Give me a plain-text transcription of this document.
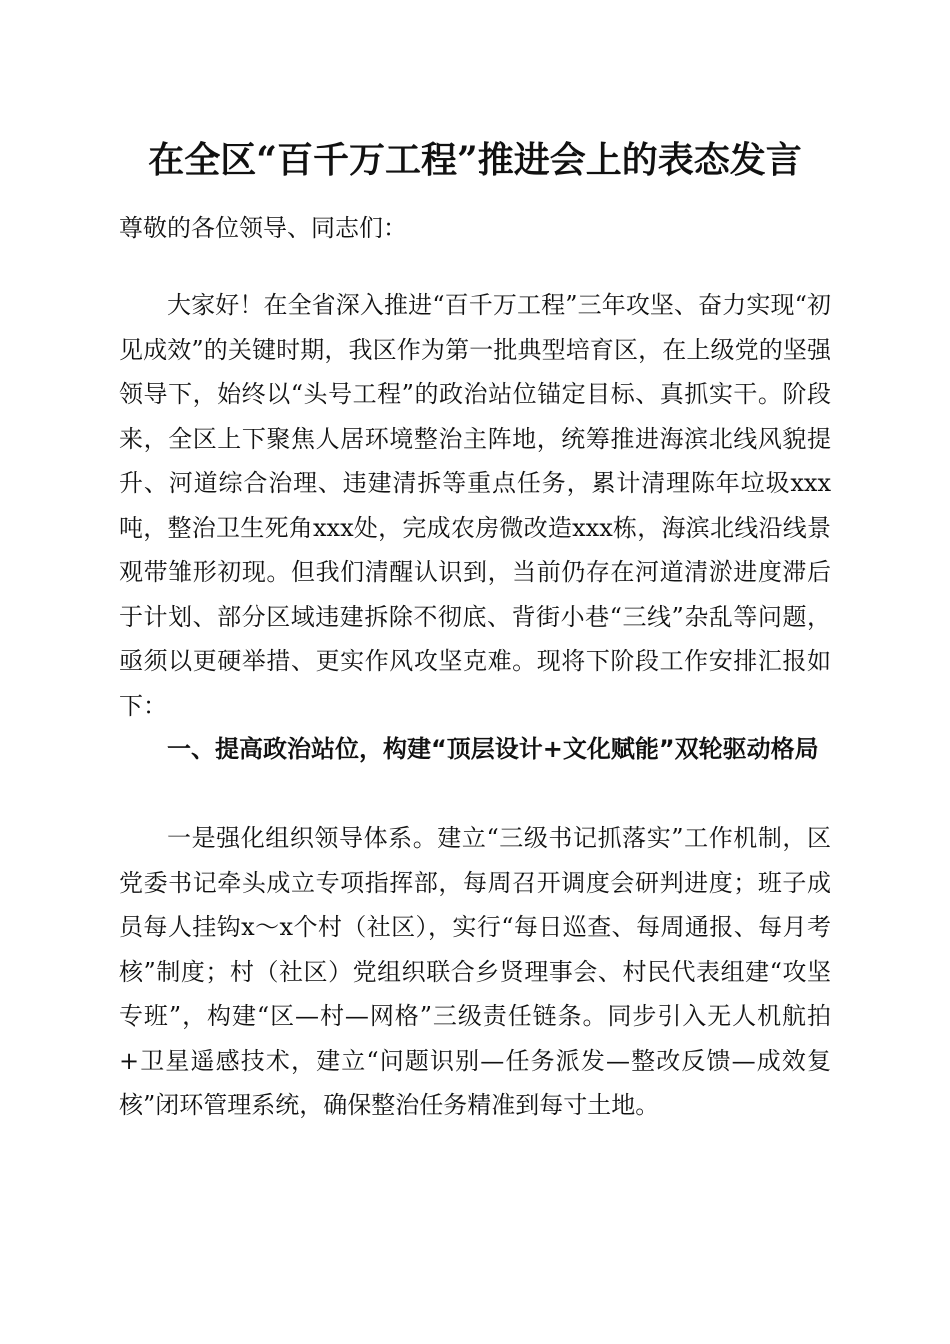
在全区“百千万工程”推进会上的表态发言
尊敬的各位领导、同志们：
大家好！在全省深入推进“百千万工程”三年攻坚、奋力实现“初见成效”的关键时期，我区作为第一批典型培育区，在上级党的坚强领导下，始终以“头号工程”的政治站位锚定目标、真抓实干。阶段来，全区上下聚焦人居环境整治主阵地，统筹推进海滨北线风貌提升、河道综合治理、违建清拆等重点任务，累计清理陈年垃圾xxx吨，整治卫生死角xxx处，完成农房微改造xxx栋，海滨北线沿线景观带雏形初现。但我们清醒认识到，当前仍存在河道清淤进度滞后于计划、部分区域违建拆除不彻底、背街小巷“三线”杂乱等问题，亟须以更硬举措、更实作风攻坚克难。现将下阶段工作安排汇报如下：
一、提高政治站位，构建“顶层设计+文化赋能”双轮驱动格局
一是强化组织领导体系。建立“三级书记抓落实”工作机制，区党委书记牵头成立专项指挥部，每周召开调度会研判进度；班子成员每人挂钩x～x个村（社区），实行“每日巡查、每周通报、每月考核”制度；村（社区）党组织联合乡贤理事会、村民代表组建“攻坚专班”，构建“区—村—网格”三级责任链条。同步引入无人机航拍+卫星遥感技术，建立“问题识别—任务派发—整改反馈—成效复核”闭环管理系统，确保整治任务精准到每寸土地。
